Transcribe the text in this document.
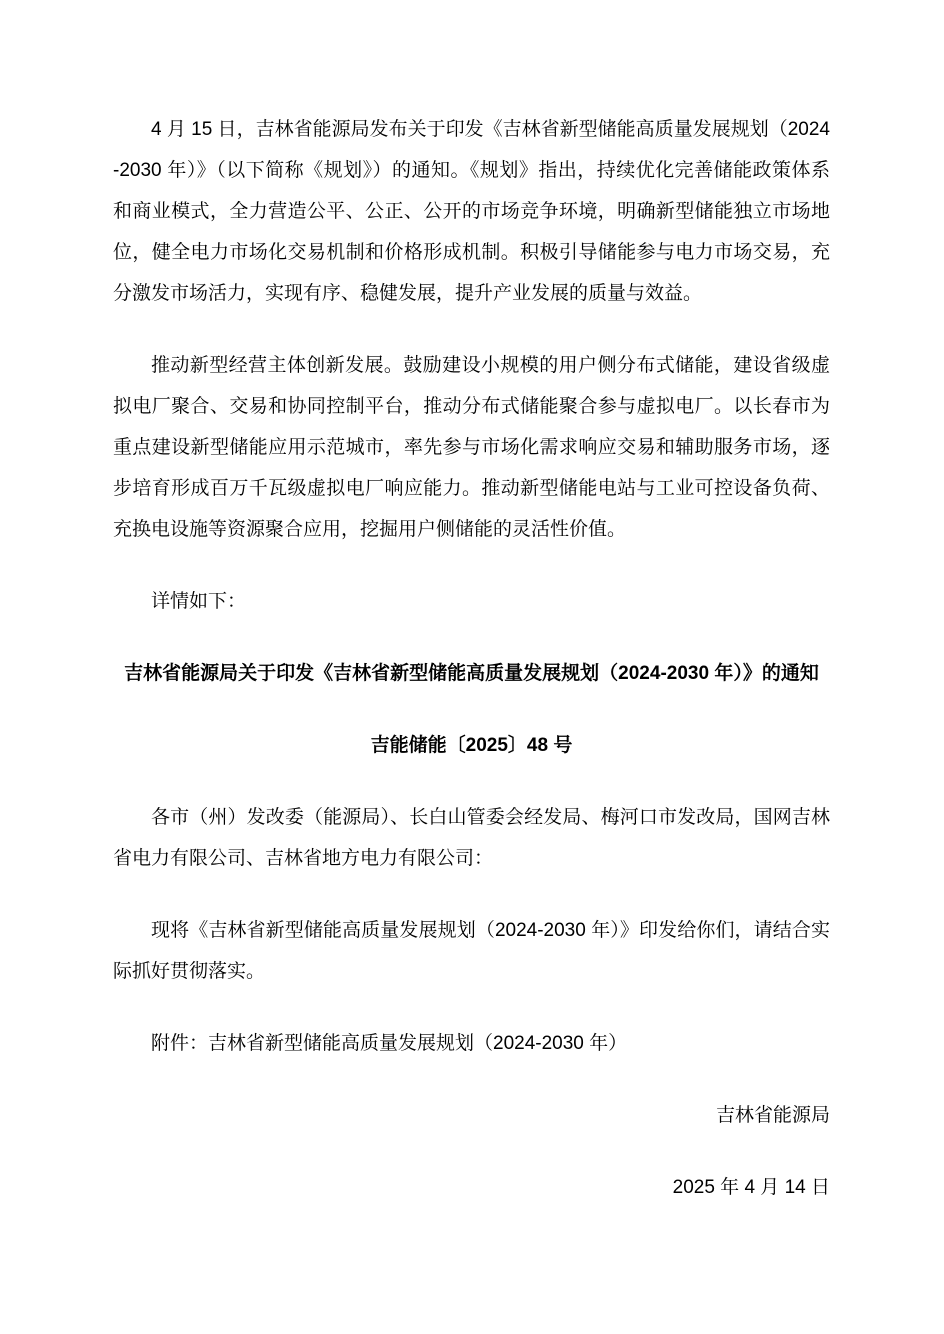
4 月 15 日，吉林省能源局发布关于印发《吉林省新型储能高质量发展规划（2024-2030 年）》（以下简称《规划》）的通知。《规划》指出，持续优化完善储能政策体系和商业模式，全力营造公平、公正、公开的市场竞争环境，明确新型储能独立市场地位，健全电力市场化交易机制和价格形成机制。积极引导储能参与电力市场交易，充分激发市场活力，实现有序、稳健发展，提升产业发展的质量与效益。

推动新型经营主体创新发展。鼓励建设小规模的用户侧分布式储能，建设省级虚拟电厂聚合、交易和协同控制平台，推动分布式储能聚合参与虚拟电厂。以长春市为重点建设新型储能应用示范城市，率先参与市场化需求响应交易和辅助服务市场，逐步培育形成百万千瓦级虚拟电厂响应能力。推动新型储能电站与工业可控设备负荷、充换电设施等资源聚合应用，挖掘用户侧储能的灵活性价值。

详情如下：

吉林省能源局关于印发《吉林省新型储能高质量发展规划（2024-2030 年）》的通知

吉能储能〔2025〕48 号

各市（州）发改委（能源局）、长白山管委会经发局、梅河口市发改局，国网吉林省电力有限公司、吉林省地方电力有限公司：

现将《吉林省新型储能高质量发展规划（2024-2030 年）》印发给你们，请结合实际抓好贯彻落实。

附件：吉林省新型储能高质量发展规划（2024-2030 年）

吉林省能源局

2025 年 4 月 14 日
